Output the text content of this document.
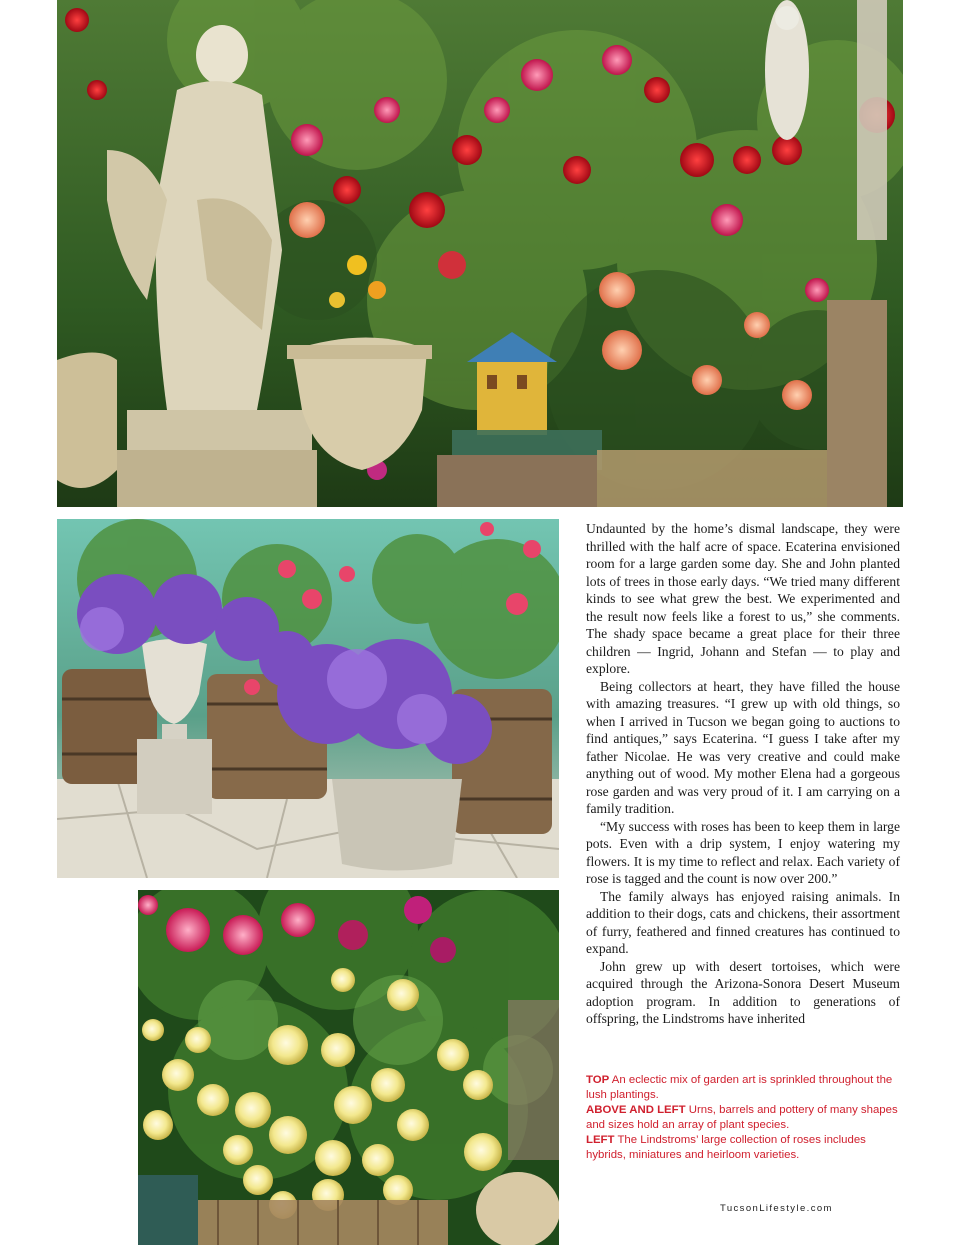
Undaunted by the home’s dismal landscape, they were thrilled with the half acre of space. Ecaterina envisioned room for a large garden some day. She and John planted lots of trees in those early days. “We tried many different kinds to see what grew the best. We experimented and the result now feels like a forest to us,” she comments. The shady space became a great place for their three children — Ingrid, Johann and Stefan — to play and explore.

Being collectors at heart, they have filled the house with amazing treasures. “I grew up with old things, so when I arrived in Tucson we began going to auctions to find antiques,” says Ecaterina. “I guess I take after my father Nicolae. He was very creative and could make anything out of wood. My mother Elena had a gorgeous rose garden and was very proud of it. I am carrying on a family tradition.

“My success with roses has been to keep them in large pots. Even with a drip system, I enjoy watering my flowers. It is my time to reflect and relax. Each variety of rose is tagged and the count is now over 200.”

The family always has enjoyed raising animals. In addition to their dogs, cats and chickens, their assortment of furry, feathered and finned creatures has continued to expand.

John grew up with desert tortoises, which were acquired through the Arizona-Sonora Desert Museum adoption program. In addition to generations of offspring, the Lindstroms have inherited

TOP An eclectic mix of garden art is sprinkled throughout the lush plantings.

ABOVE AND LEFT Urns, barrels and pottery of many shapes and sizes hold an array of plant species.

LEFT The Lindstroms’ large collection of roses includes hybrids, miniatures and heirloom varieties.

TucsonLifestyle.com
